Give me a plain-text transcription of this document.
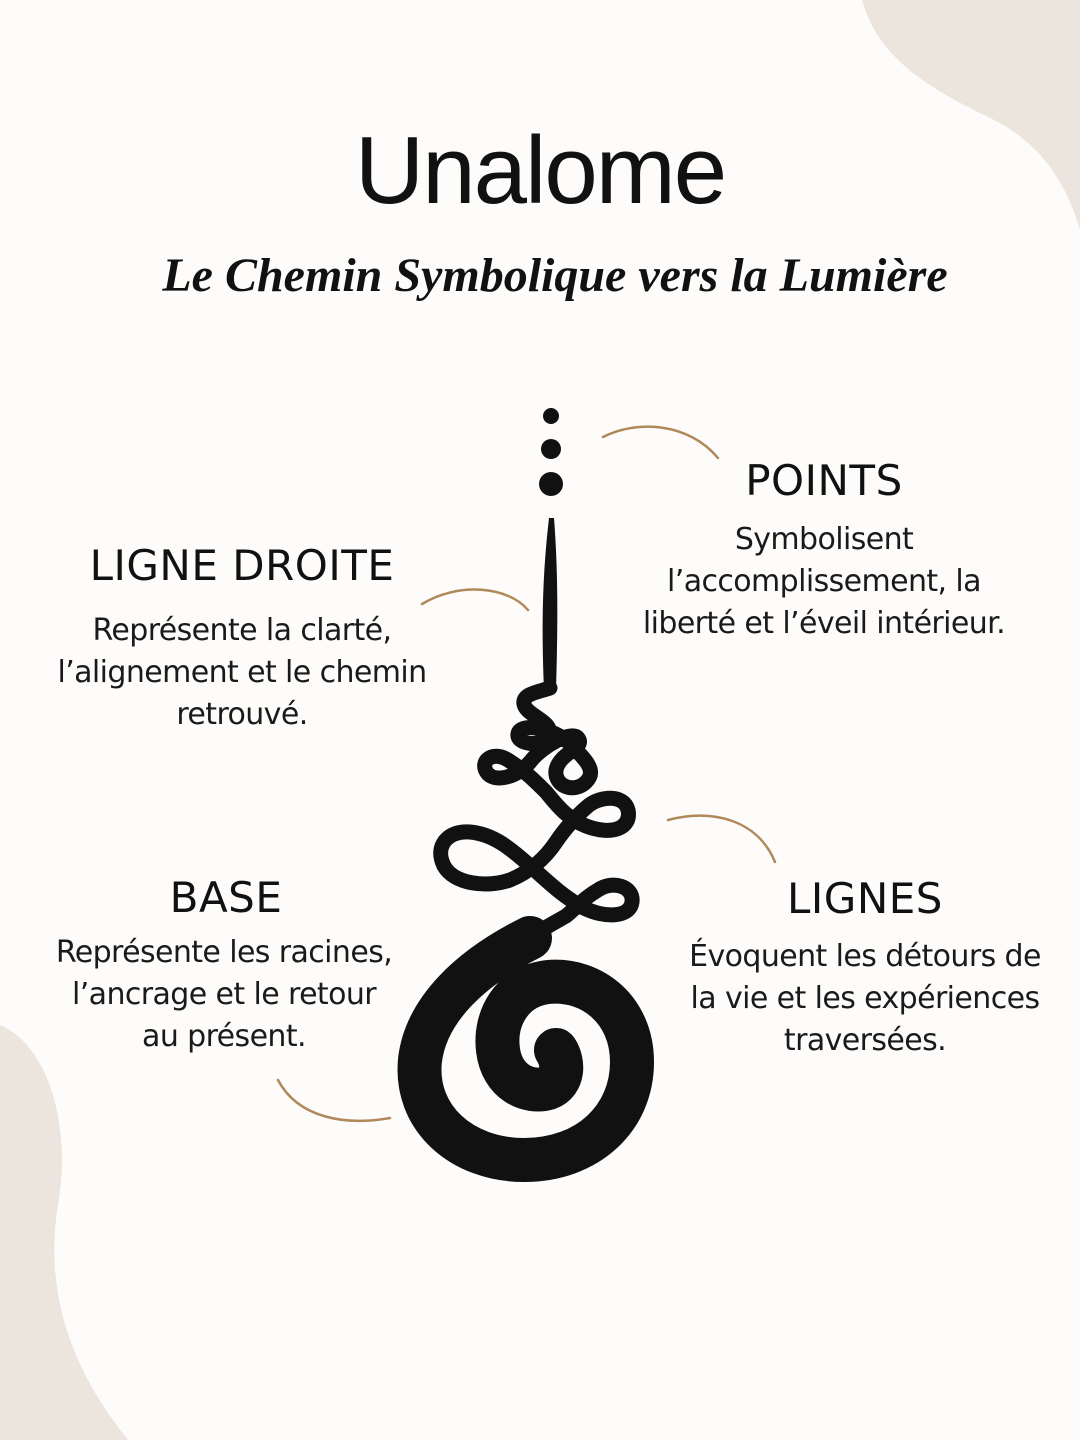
Unalome
Le Chemin Symbolique vers la Lumière
POINTS
Symbolisent
l’accomplissement, la
liberté et l’éveil intérieur.
LIGNE DROITE
Représente la clarté,
l’alignement et le chemin
retrouvé.
BASE
Représente les racines,
l’ancrage et le retour
au présent.
LIGNES
Évoquent les détours de
la vie et les expériences
traversées.
